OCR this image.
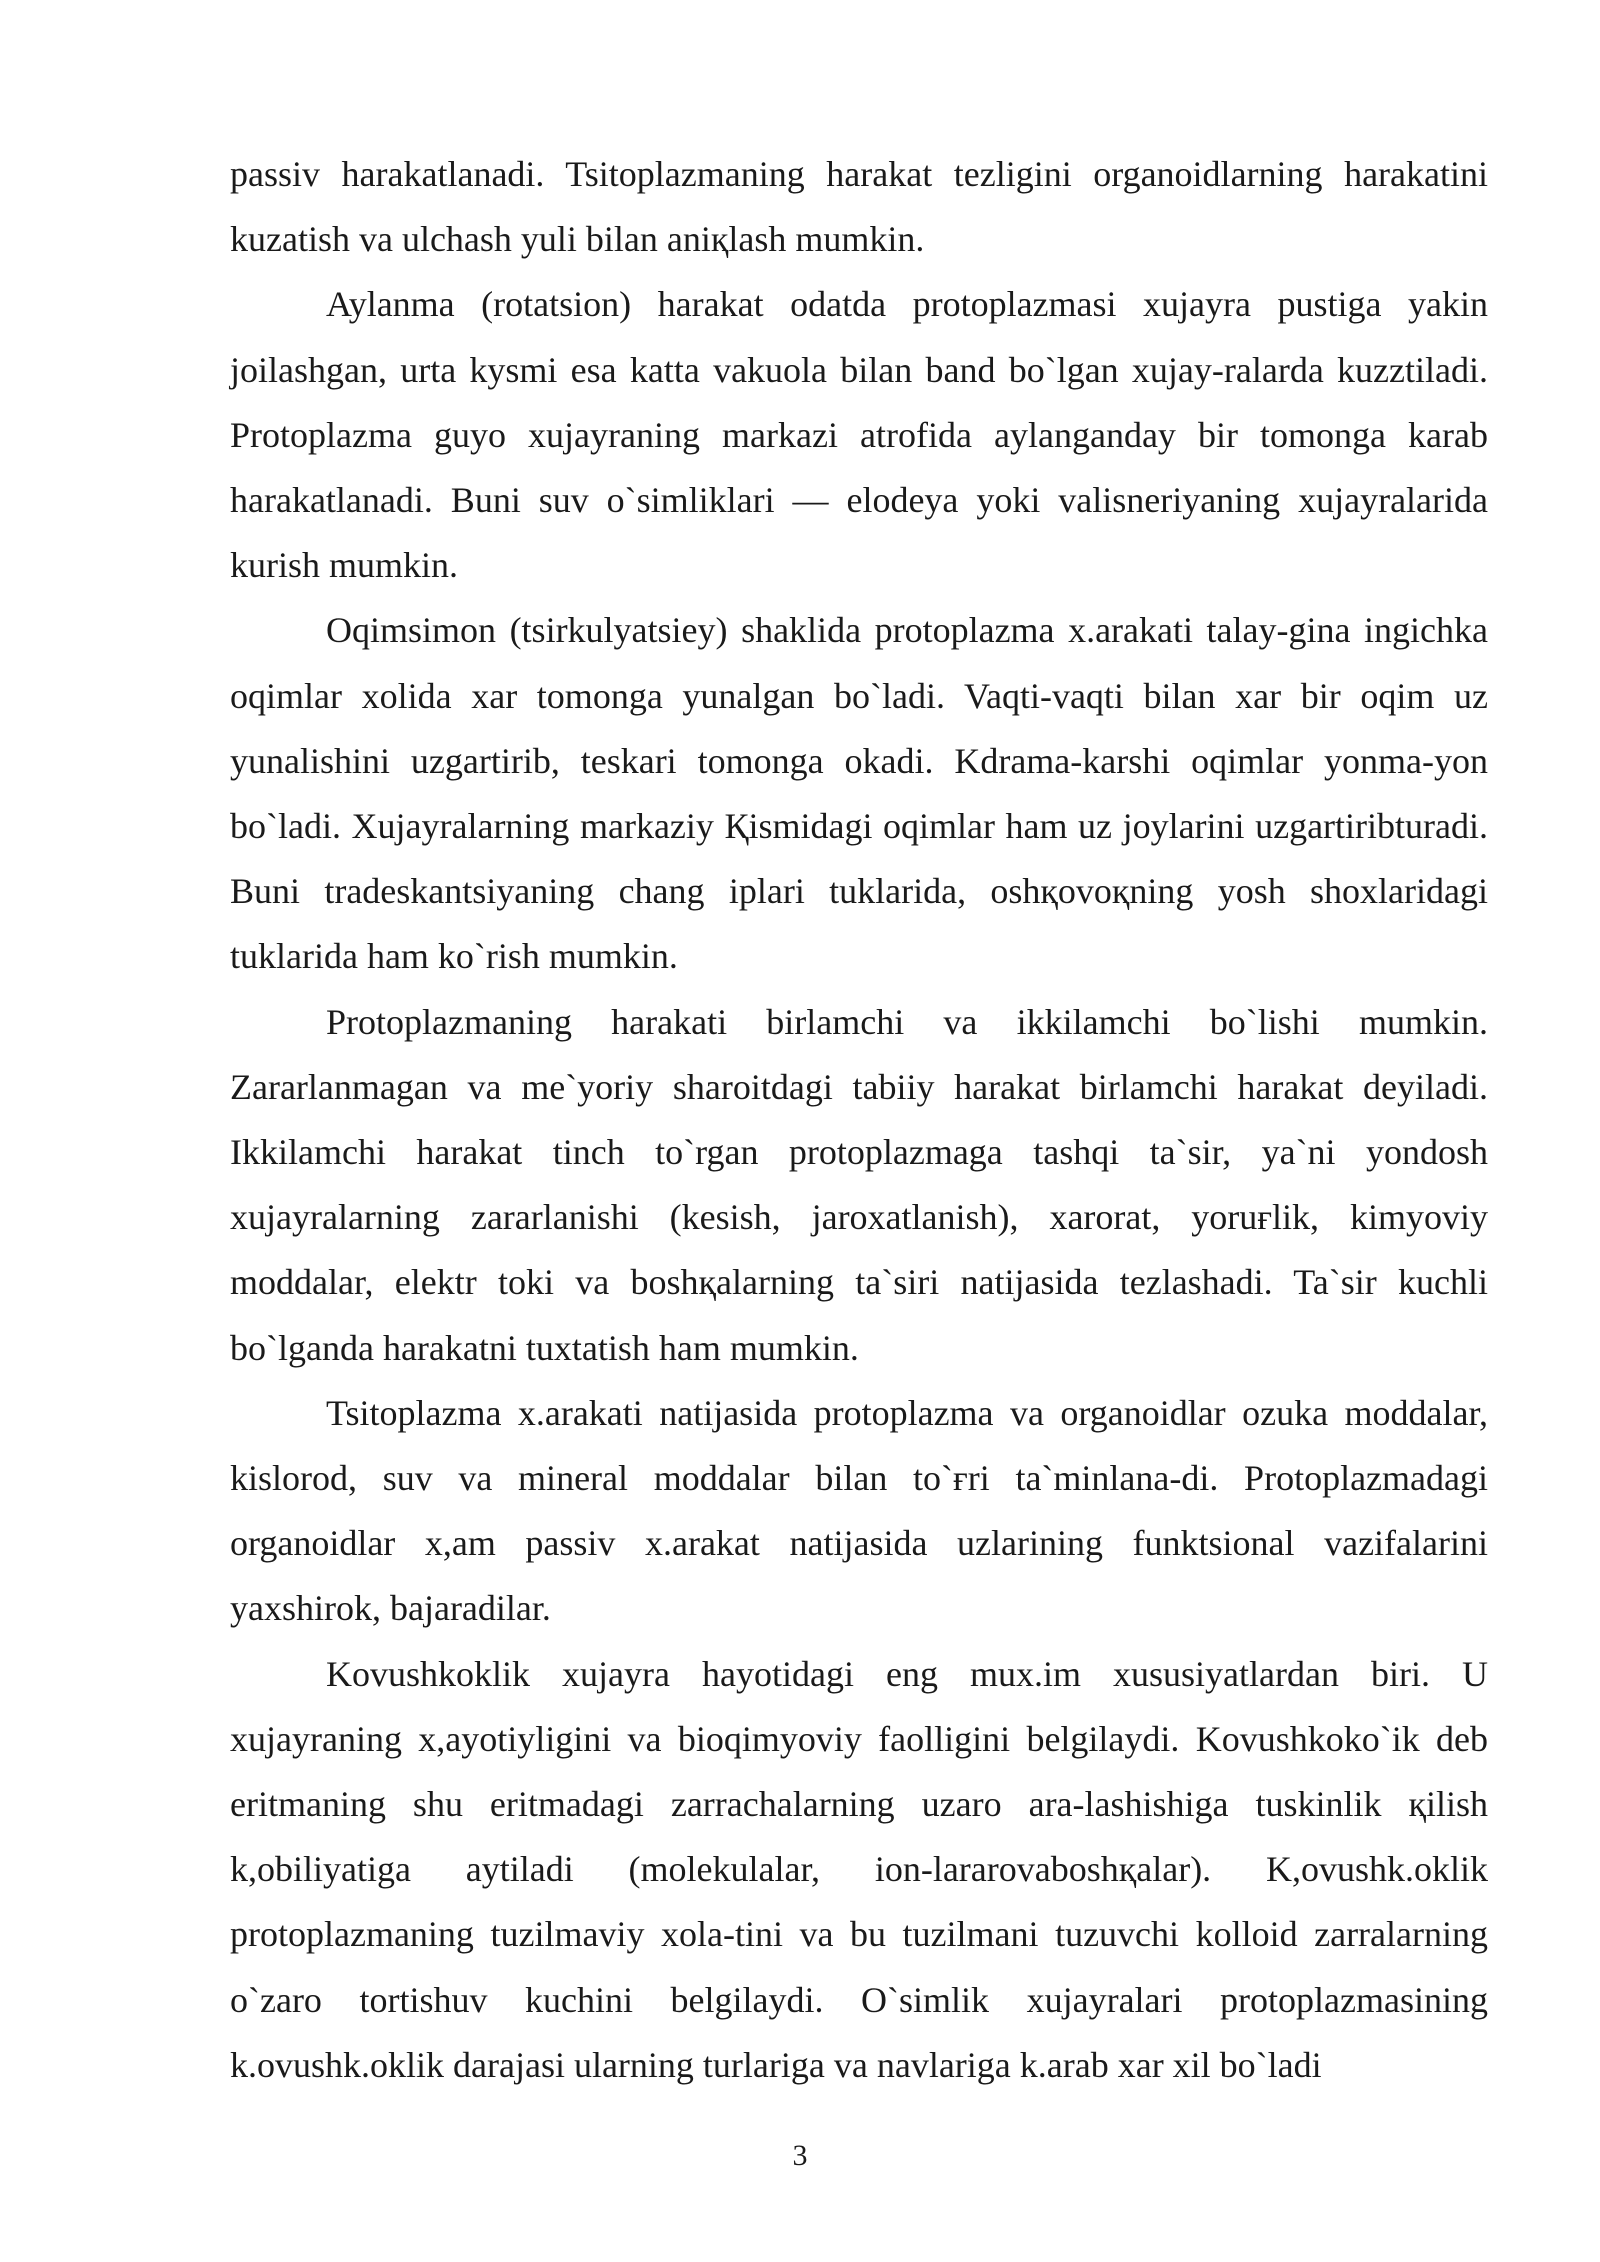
passiv harakatlanadi. Tsitoplazmaning harakat tezligini organoidlarning harakatini kuzatish va ulchash yuli bilan aniқlash mumkin.

Aylanma (rotatsion) harakat odatda protoplazmasi xujayra pustiga yakin joilashgan, urta kysmi esa katta vakuola bilan band bo`lgan xujay-ralarda kuzztiladi. Protoplazma guyo xujayraning markazi atrofida aylanganday bir tomonga karab harakatlanadi. Buni suv o`simliklari — elodeya yoki valisneriyaning xujayralarida kurish mumkin.

Oqimsimon (tsirkulyatsiey) shaklida protoplazma x.arakati talay-gina ingichka oqimlar xolida xar tomonga yunalgan bo`ladi. Vaqti-vaqti bilan xar bir oqim uz yunalishini uzgartirib, teskari tomonga okadi. Kdrama-karshi oqimlar yonma-yon bo`ladi. Xujayralarning markaziy Қismidagi oqimlar ham uz joylarini uzgartiribturadi. Buni tradeskantsiyaning chang iplari tuklarida, oshқovoқning yosh shoxlaridagi tuklarida ham ko`rish mumkin.

Protoplazmaning harakati birlamchi va ikkilamchi bo`lishi mumkin. Zararlanmagan va me`yoriy sharoitdagi tabiiy harakat birlamchi harakat deyiladi. Ikkilamchi harakat tinch to`rgan protoplazmaga tashqi ta`sir, ya`ni yondosh xujayralarning zararlanishi (kesish, jaroxatlanish), xarorat, yoruғlik, kimyoviy moddalar, elektr toki va boshқalarning ta`siri natijasida tezlashadi. Ta`sir kuchli bo`lganda harakatni tuxtatish ham mumkin.

Tsitoplazma x.arakati natijasida protoplazma va organoidlar ozuka moddalar, kislorod, suv va mineral moddalar bilan to`ғri ta`minlana-di. Protoplazmadagi organoidlar x,am passiv x.arakat natijasida uzlarining funktsional vazifalarini yaxshirok, bajaradilar.

Kovushkoklik xujayra hayotidagi eng mux.im xususiyatlardan biri. U xujayraning x,ayotiyligini va bioqimyoviy faolligini belgilaydi. Kovushkoko`ik deb eritmaning shu eritmadagi zarrachalarning uzaro ara-lashishiga tuskinlik қilish k,obiliyatiga aytiladi (molekulalar, ion-lararovaboshқalar). K,ovushk.oklik protoplazmaning tuzilmaviy xola-tini va bu tuzilmani tuzuvchi kolloid zarralarning o`zaro tortishuv kuchini belgilaydi. O`simlik xujayralari protoplazmasining k.ovushk.oklik darajasi ularning turlariga va navlariga k.arab xar xil bo`ladi

3
